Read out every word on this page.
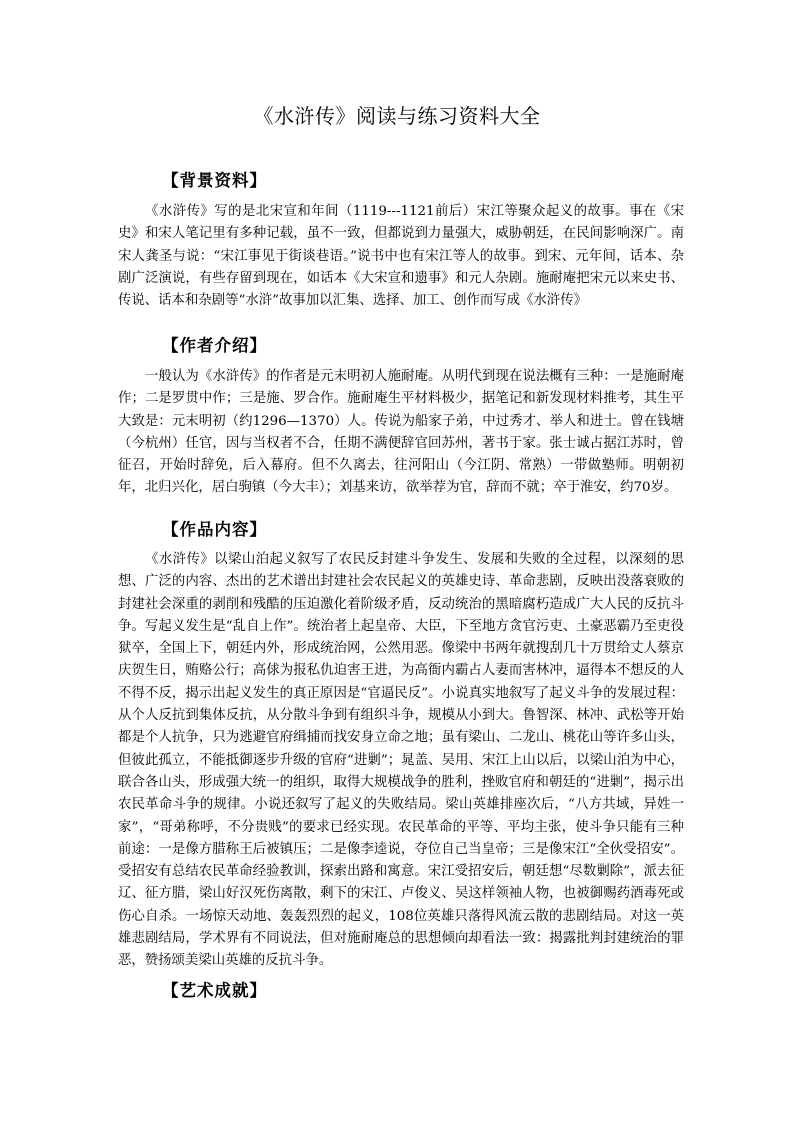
《水浒传》阅读与练习资料大全
【背景资料】
《水浒传》写的是北宋宣和年间（1119---1121前后）宋江等聚众起义的故事。事在《宋史》和宋人笔记里有多种记载，虽不一致，但都说到力量强大，威胁朝廷，在民间影响深广。南宋人龚圣与说：“宋江事见于街谈巷语。”说书中也有宋江等人的故事。到宋、元年间，话本、杂剧广泛演说，有些存留到现在，如话本《大宋宣和遗事》和元人杂剧。施耐庵把宋元以来史书、传说、话本和杂剧等“水浒”故事加以汇集、选择、加工、创作而写成《水浒传》
【作者介绍】
一般认为《水浒传》的作者是元末明初人施耐庵。从明代到现在说法概有三种：一是施耐庵作；二是罗贯中作；三是施、罗合作。施耐庵生平材料极少，据笔记和新发现材料推考，其生平大致是：元末明初（约1296—1370）人。传说为船家子弟，中过秀才、举人和进士。曾在钱塘（今杭州）任官，因与当权者不合，任期不满便辞官回苏州，著书于家。张士诚占据江苏时，曾征召，开始时辞免，后入幕府。但不久离去，往河阳山（今江阴、常熟）一带做塾师。明朝初年，北归兴化，居白驹镇（今大丰）；刘基来访，欲举荐为官，辞而不就；卒于淮安，约70岁。
【作品内容】
《水浒传》以梁山泊起义叙写了农民反封建斗争发生、发展和失败的全过程，以深刻的思想、广泛的内容、杰出的艺术谱出封建社会农民起义的英雄史诗、革命悲剧，反映出没落衰败的封建社会深重的剥削和残酷的压迫激化着阶级矛盾，反动统治的黑暗腐朽造成广大人民的反抗斗争。写起义发生是“乱自上作”。统治者上起皇帝、大臣，下至地方贪官污吏、土豪恶霸乃至吏役狱卒，全国上下，朝廷内外，形成统治网，公然用恶。像梁中书两年就搜刮几十万贯给丈人蔡京庆贺生日，贿赂公行；高俅为报私仇迫害王进，为高衙内霸占人妻而害林冲，逼得本不想反的人不得不反，揭示出起义发生的真正原因是“官逼民反”。小说真实地叙写了起义斗争的发展过程：从个人反抗到集体反抗，从分散斗争到有组织斗争，规模从小到大。鲁智深、林冲、武松等开始都是个人抗争，只为逃避官府缉捕而找安身立命之地；虽有梁山、二龙山、桃花山等许多山头，但彼此孤立，不能抵御逐步升级的官府“进剿”；晁盖、吴用、宋江上山以后，以梁山泊为中心，联合各山头，形成强大统一的组织，取得大规模战争的胜利，挫败官府和朝廷的“进剿”，揭示出农民革命斗争的规律。小说还叙写了起义的失败结局。梁山英雄排座次后，“八方共域，异姓一家”，“哥弟称呼，不分贵贱”的要求已经实现。农民革命的平等、平均主张，使斗争只能有三种前途：一是像方腊称王后被镇压；二是像李逵说，夺位自己当皇帝；三是像宋江“全伙受招安”。受招安有总结农民革命经验教训，探索出路和寓意。宋江受招安后，朝廷想“尽数剿除”，派去征辽、征方腊，梁山好汉死伤离散，剩下的宋江、卢俊义、吴这样领袖人物，也被御赐药酒毒死或伤心自杀。一场惊天动地、轰轰烈烈的起义，108位英雄只落得风流云散的悲剧结局。对这一英雄悲剧结局，学术界有不同说法，但对施耐庵总的思想倾向却看法一致：揭露批判封建统治的罪恶，赞扬颂美梁山英雄的反抗斗争。
【艺术成就】
